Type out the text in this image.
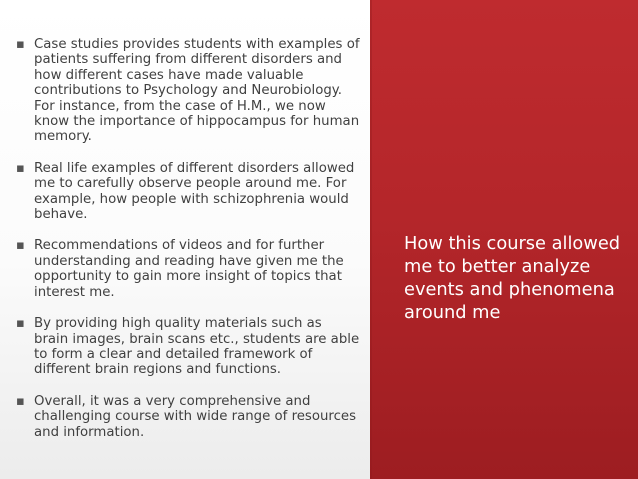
▪ Case studies provides students with examples of patients suffering from different disorders and how different cases have made valuable contributions to Psychology and Neurobiology. For instance, from the case of H.M., we now know the importance of hippocampus for human memory.
▪ Real life examples of different disorders allowed me to carefully observe people around me. For example, how people with schizophrenia would behave.
▪ Recommendations of videos and for further understanding and reading have given me the opportunity to gain more insight of topics that interest me.
▪ By providing high quality materials such as brain images, brain scans etc., students are able to form a clear and detailed framework of different brain regions and functions.
▪ Overall, it was a very comprehensive and challenging course with wide range of resources and information.
How this course allowed me to better analyze events and phenomena around me
